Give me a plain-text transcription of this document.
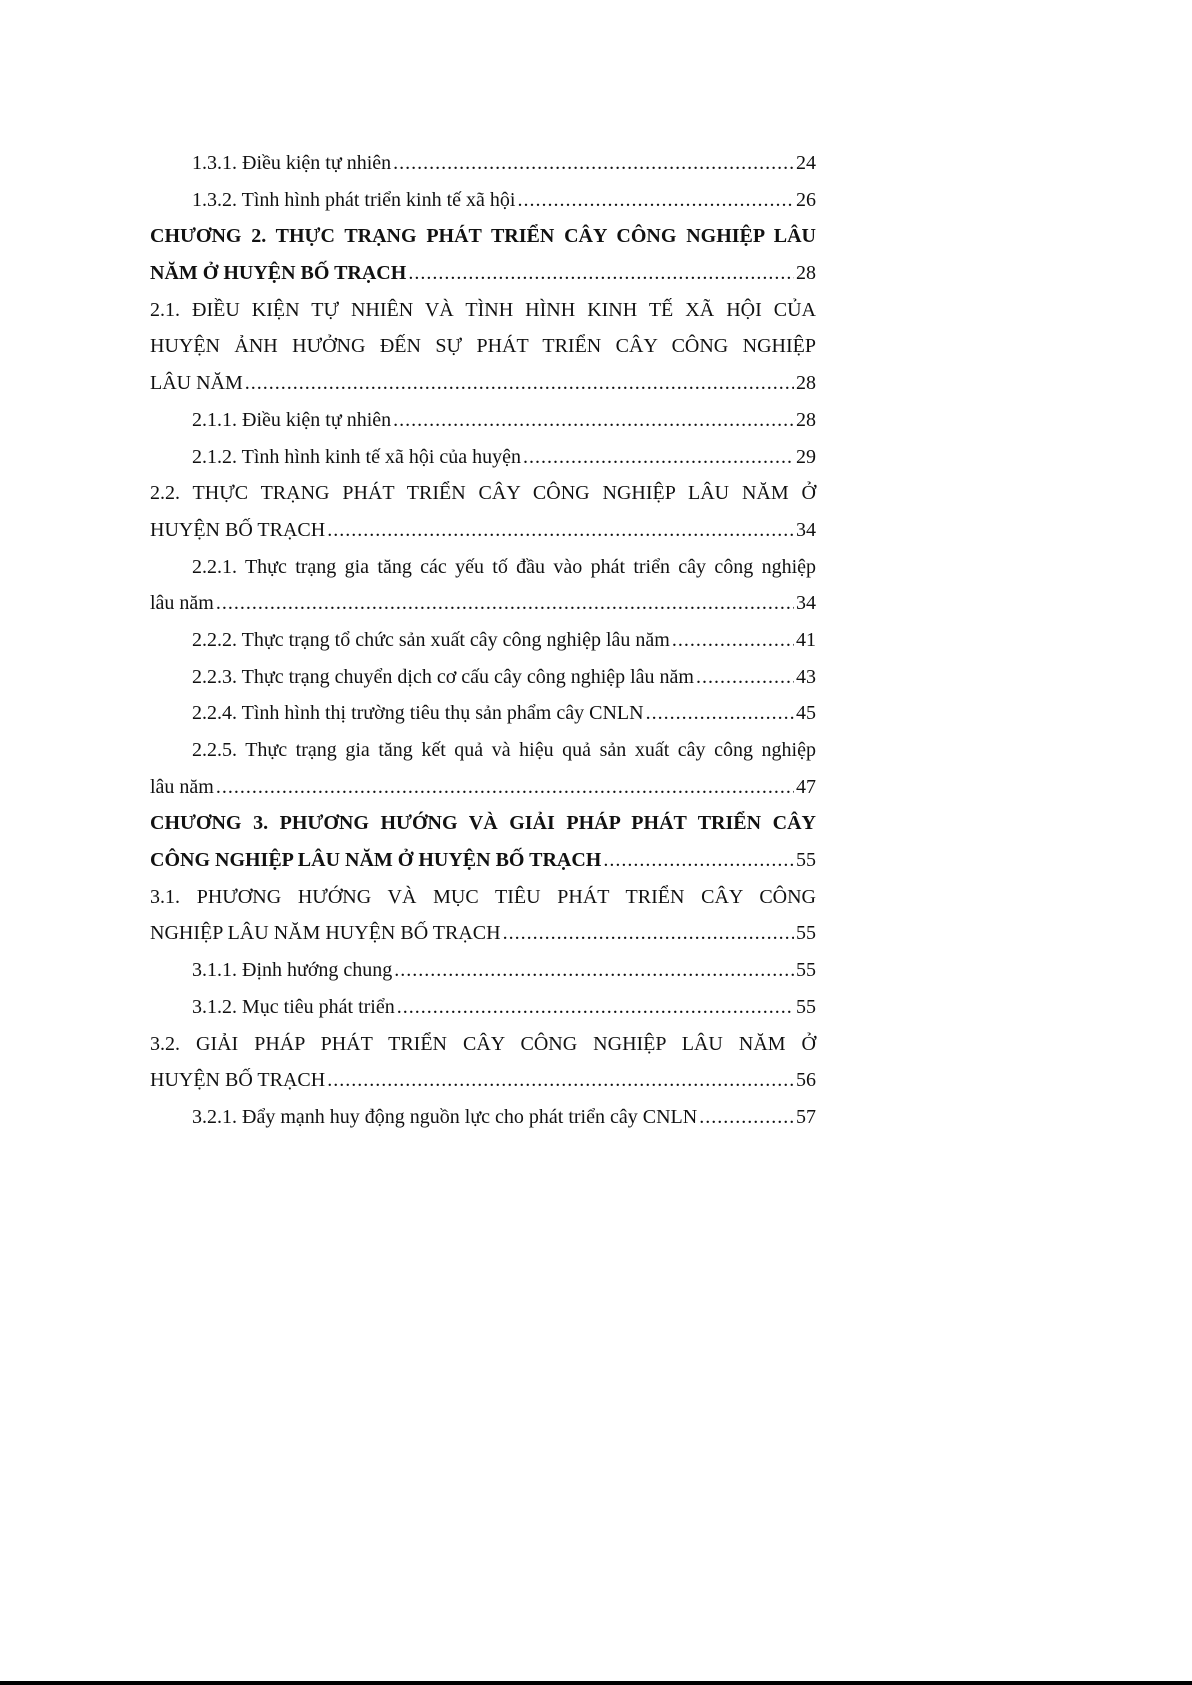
1.3.1. Điều kiện tự nhiên .....	24
1.3.2. Tình hình phát triển kinh tế xã hội .....	26
CHƯƠNG 2. THỰC TRẠNG PHÁT TRIỂN CÂY CÔNG NGHIỆP LÂU
NĂM Ở HUYỆN BỐ TRẠCH .....	28
2.1. ĐIỀU KIỆN TỰ NHIÊN VÀ TÌNH HÌNH KINH TẾ XÃ HỘI CỦA
HUYỆN ẢNH HƯỞNG ĐẾN SỰ PHÁT TRIỂN CÂY CÔNG NGHIỆP
LÂU NĂM .....	28
2.1.1. Điều kiện tự nhiên .....	28
2.1.2. Tình hình kinh tế xã hội của huyện .....	29
2.2. THỰC TRẠNG PHÁT TRIỂN CÂY CÔNG NGHIỆP LÂU NĂM Ở
HUYỆN BỐ TRẠCH .....	34
2.2.1. Thực trạng gia tăng các yếu tố đầu vào phát triển cây công nghiệp
lâu năm .....	34
2.2.2. Thực trạng tổ chức sản xuất cây công nghiệp lâu năm .....	41
2.2.3. Thực trạng chuyển dịch cơ cấu cây công nghiệp lâu năm .....	43
2.2.4. Tình hình thị trường tiêu thụ sản phẩm cây CNLN .....	45
2.2.5. Thực trạng gia tăng kết quả và hiệu quả sản xuất cây công nghiệp
lâu năm .....	47
CHƯƠNG 3. PHƯƠNG HƯỚNG VÀ GIẢI PHÁP PHÁT TRIỂN CÂY
CÔNG NGHIỆP LÂU NĂM Ở HUYỆN BỐ TRẠCH .....	55
3.1. PHƯƠNG HƯỚNG VÀ MỤC TIÊU PHÁT TRIỂN CÂY CÔNG
NGHIỆP LÂU NĂM HUYỆN BỐ TRẠCH .....	55
3.1.1. Định hướng chung .....	55
3.1.2. Mục tiêu phát triển .....	55
3.2. GIẢI PHÁP PHÁT TRIỂN CÂY CÔNG NGHIỆP LÂU NĂM Ở
HUYỆN BỐ TRẠCH .....	56
3.2.1. Đẩy mạnh huy động nguồn lực cho phát triển cây CNLN .....	57
